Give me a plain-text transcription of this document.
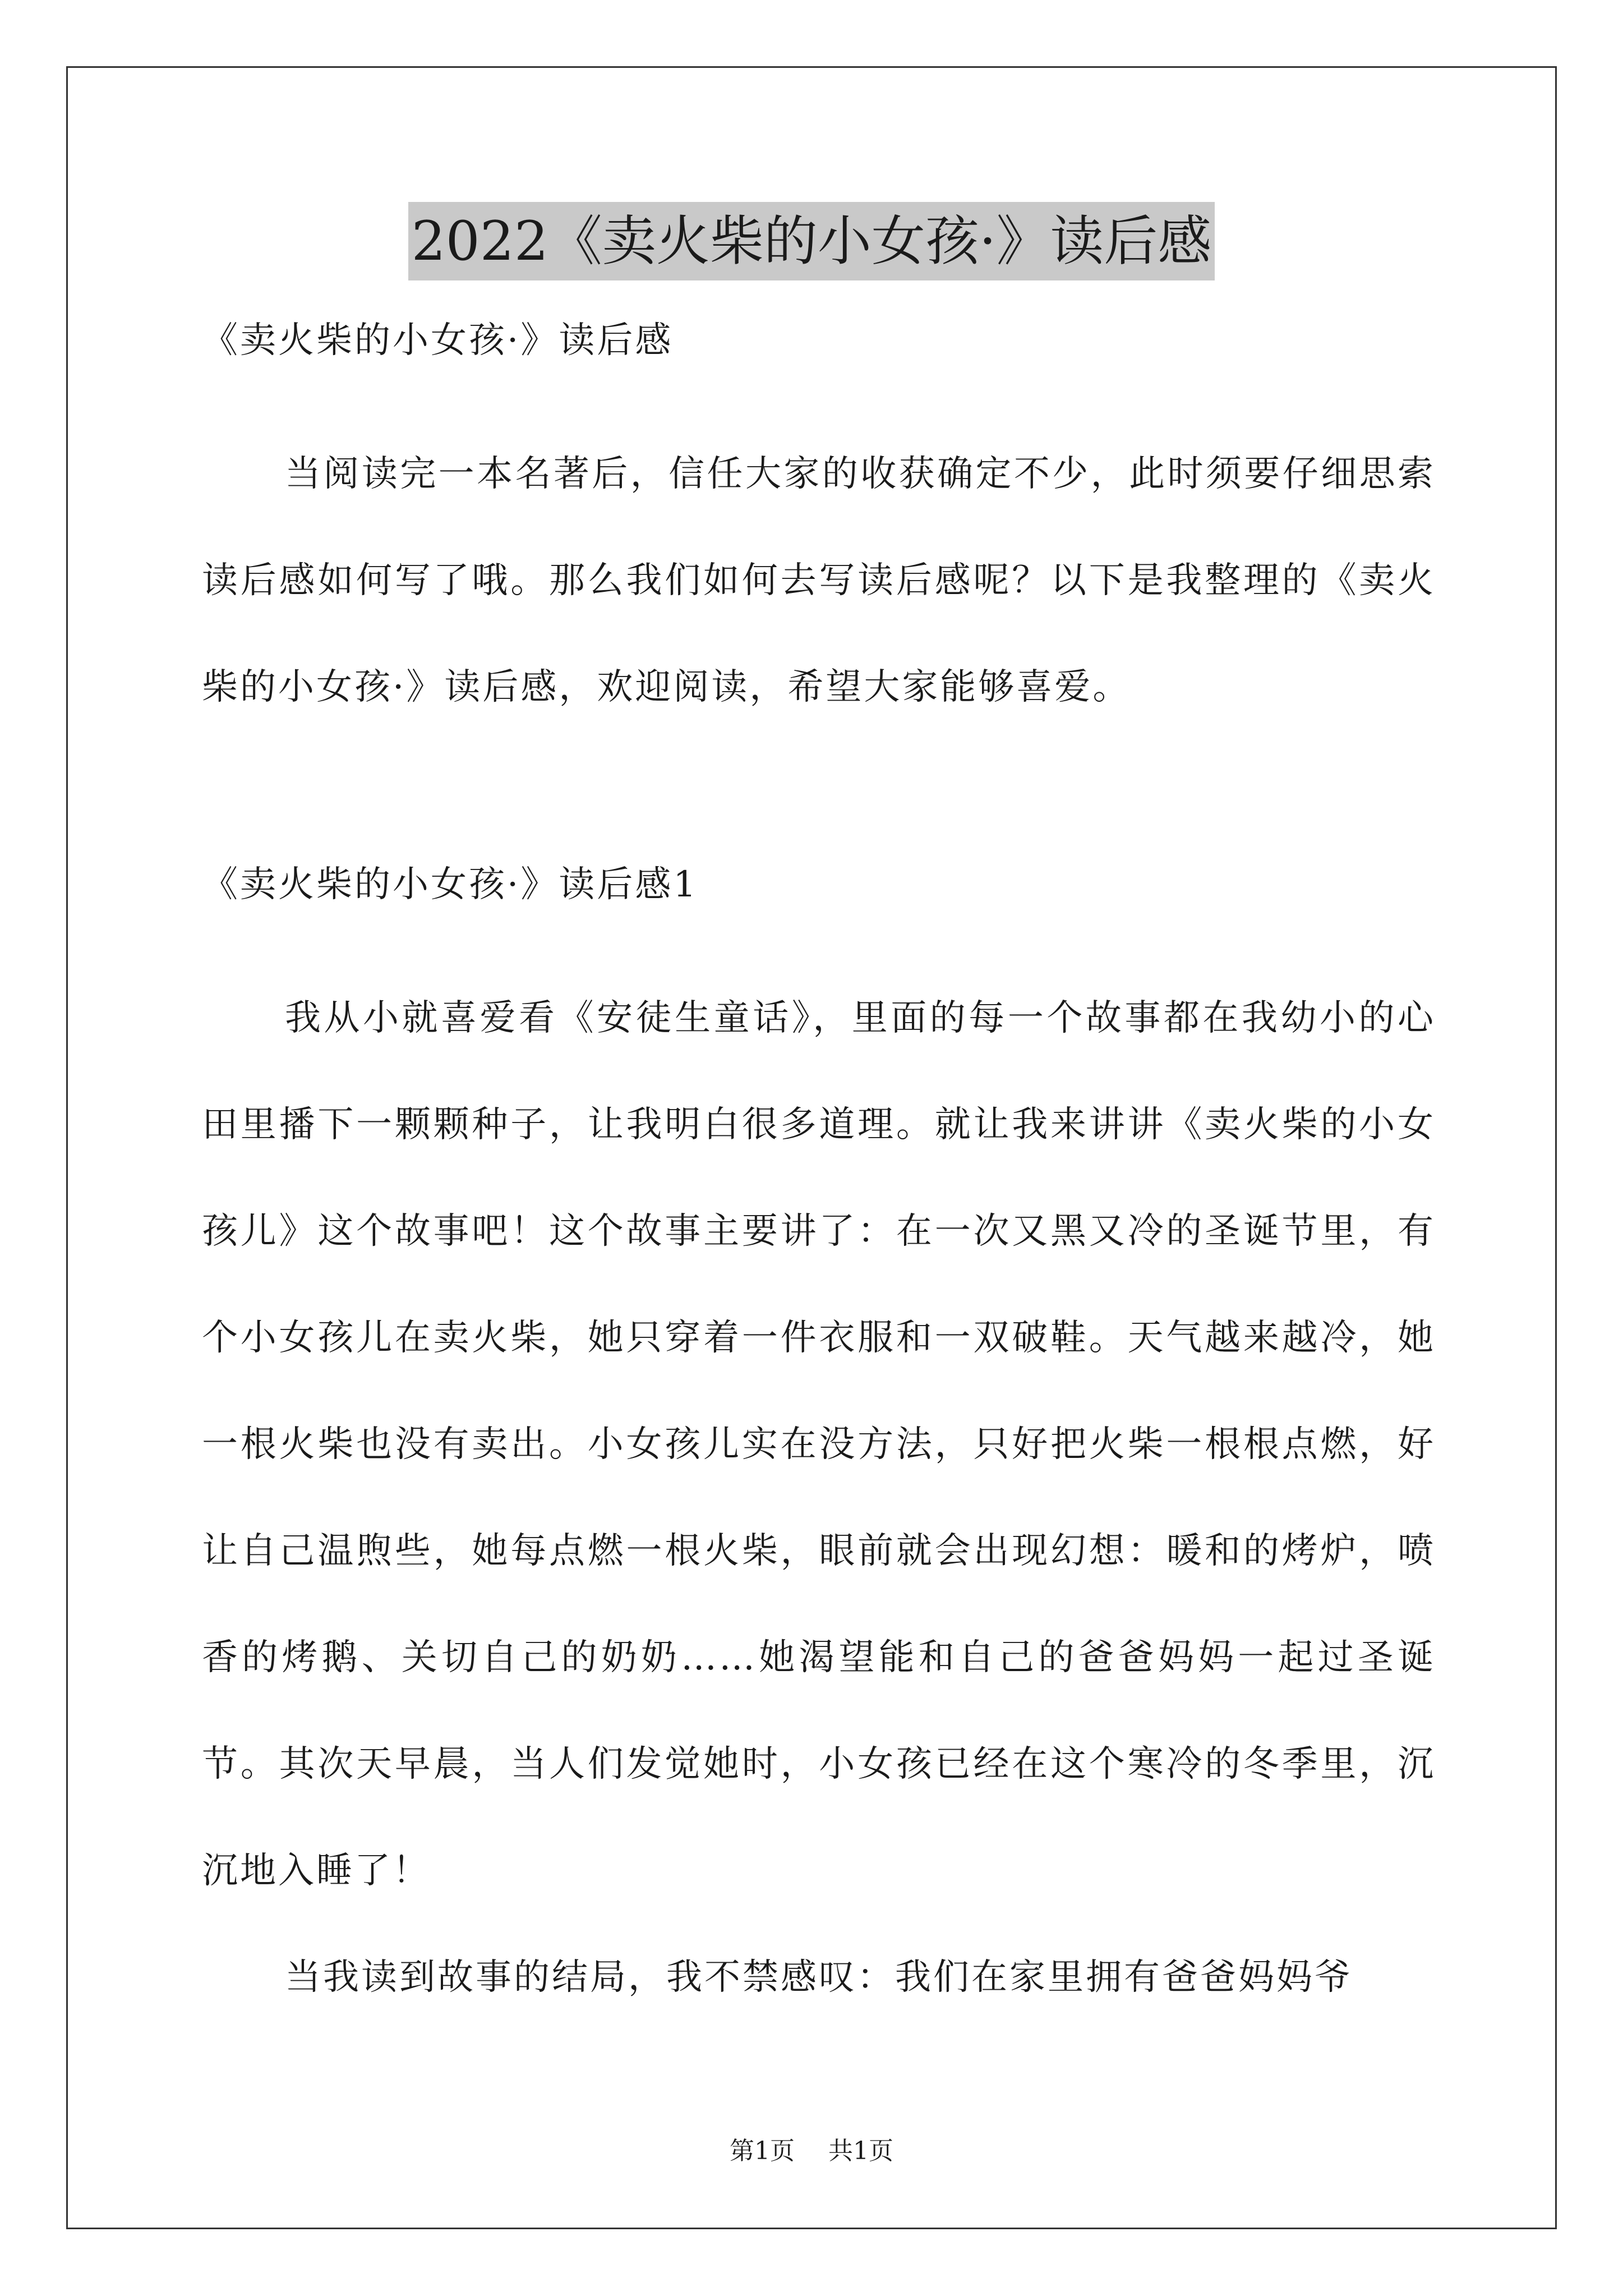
2022《卖火柴的小女孩·》读后感

《卖火柴的小女孩·》读后感

当阅读完一本名著后，信任大家的收获确定不少，此时须要仔细思索读后感如何写了哦。那么我们如何去写读后感呢？以下是我整理的《卖火柴的小女孩·》读后感，欢迎阅读，希望大家能够喜爱。

《卖火柴的小女孩·》读后感1

我从小就喜爱看《安徒生童话》，里面的每一个故事都在我幼小的心田里播下一颗颗种子，让我明白很多道理。就让我来讲讲《卖火柴的小女孩儿》这个故事吧！这个故事主要讲了：在一次又黑又冷的圣诞节里，有个小女孩儿在卖火柴，她只穿着一件衣服和一双破鞋。天气越来越冷，她一根火柴也没有卖出。小女孩儿实在没方法，只好把火柴一根根点燃，好让自己温煦些，她每点燃一根火柴，眼前就会出现幻想：暖和的烤炉，喷香的烤鹅、关切自己的奶奶……她渴望能和自己的爸爸妈妈一起过圣诞节。其次天早晨，当人们发觉她时，小女孩已经在这个寒冷的冬季里，沉沉地入睡了！

当我读到故事的结局，我不禁感叹：我们在家里拥有爸爸妈妈爷

第1页 共1页
